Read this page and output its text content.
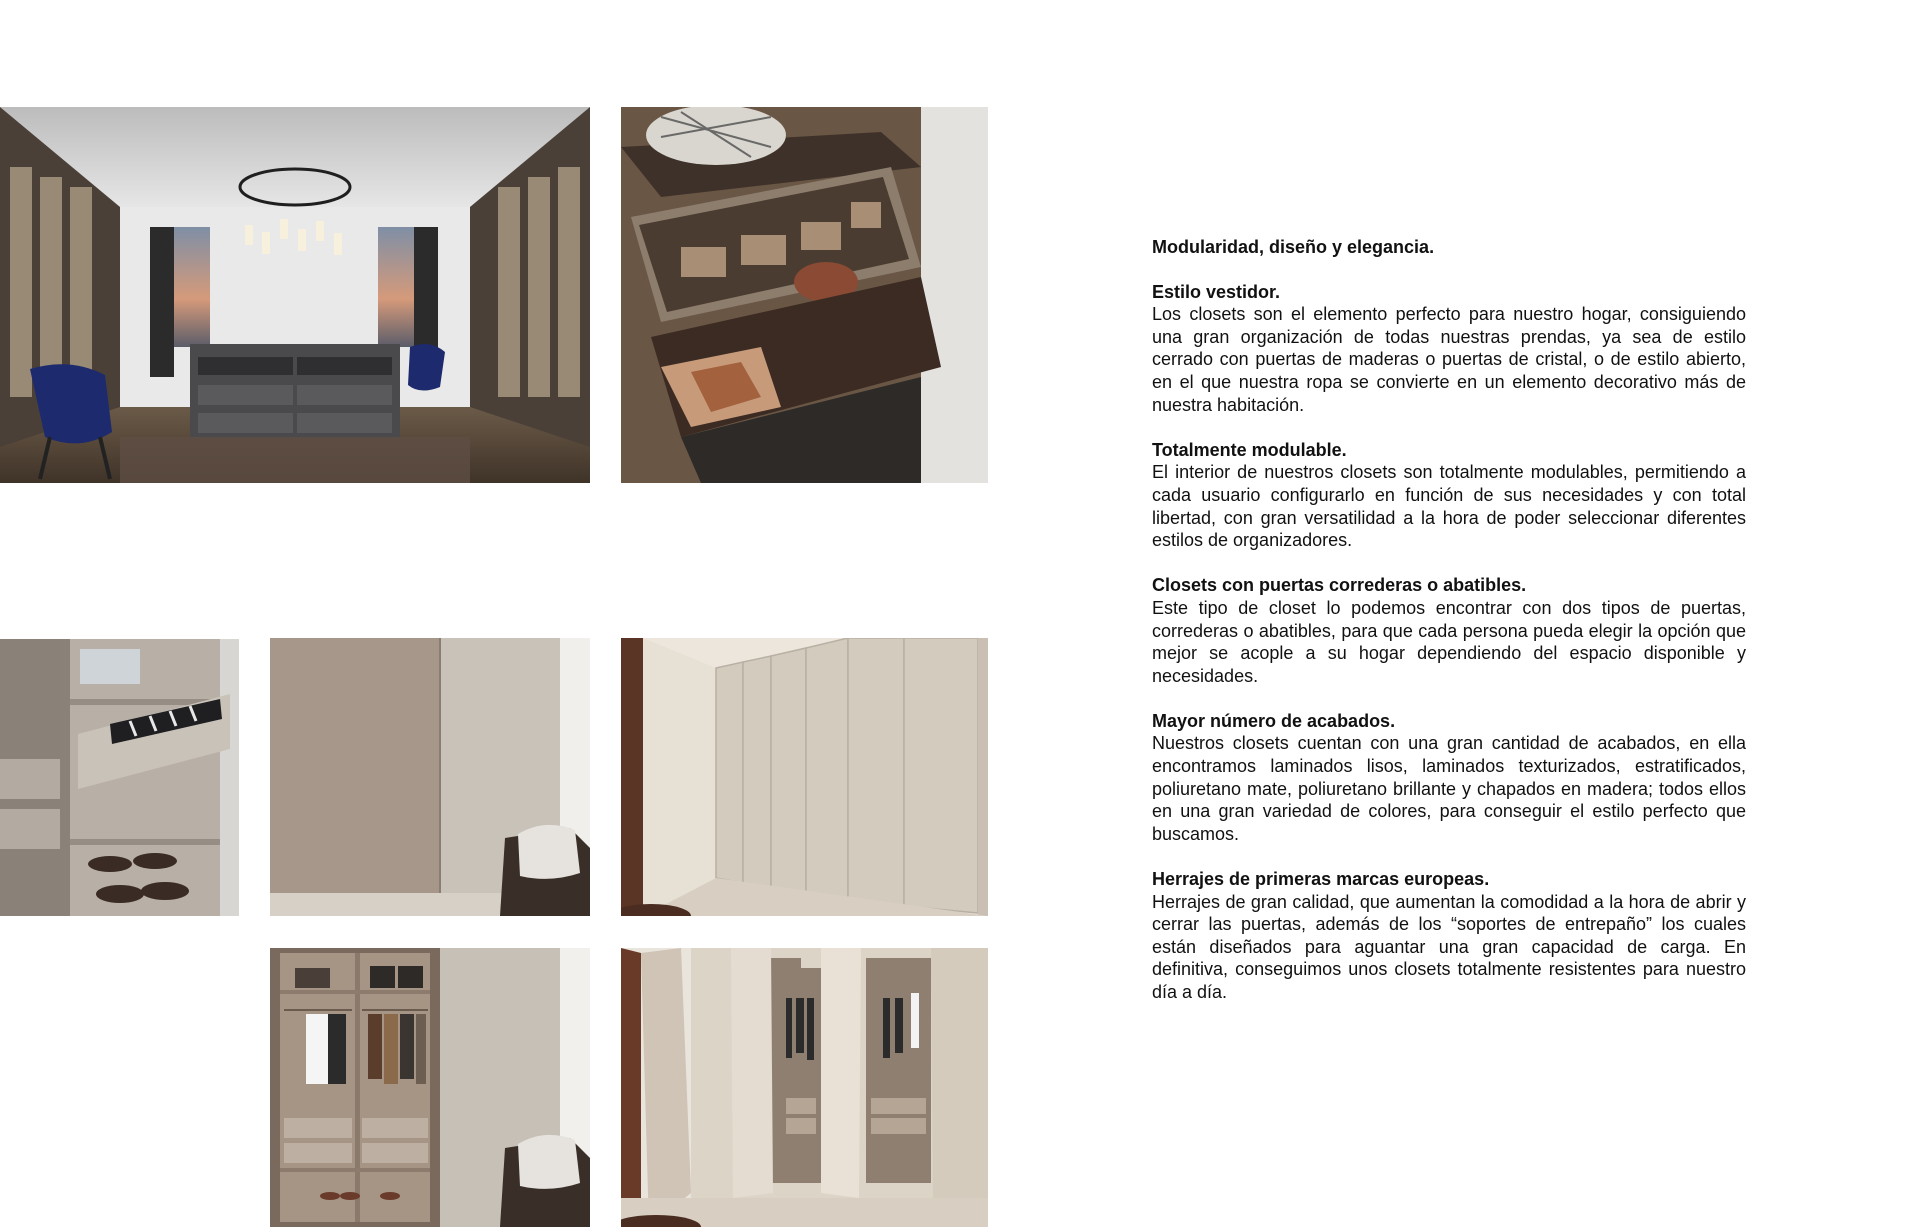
Modularidad, diseño y elegancia.
Estilo vestidor.

Los closets son el elemento perfecto para nuestro hogar, consiguiendo una gran organización de todas nuestras prendas, ya sea de estilo cerrado con puertas de maderas o puertas de cristal, o de estilo abierto, en el que nuestra ropa se convierte en un elemento decorativo más de nuestra habitación.

Totalmente modulable.

El interior de nuestros closets son totalmente modulables, permitiendo a cada usuario configurarlo en función de sus necesidades y con total libertad, con gran versatilidad a la hora de poder seleccionar diferentes estilos de organizadores.

Closets con puertas correderas o abatibles.

Este tipo de closet lo podemos encontrar con dos tipos de puertas, correderas o abatibles, para que cada persona pueda elegir la opción que mejor se acople a su hogar dependiendo del espacio disponible y necesidades.

Mayor número de acabados.

Nuestros closets cuentan con una gran cantidad de acabados, en ella encontramos laminados lisos, laminados texturizados, estratificados, poliuretano mate, poliuretano brillante y chapados en madera; todos ellos en una gran variedad de colores, para conseguir el estilo perfecto que buscamos.

Herrajes de primeras marcas europeas.

Herrajes de gran calidad, que aumentan la comodidad a la hora de abrir y cerrar las puertas, además de los “soportes de entrepaño” los cuales están diseñados para aguantar una gran capacidad de carga. En definitiva, conseguimos unos closets totalmente resistentes para nuestro día a día.
